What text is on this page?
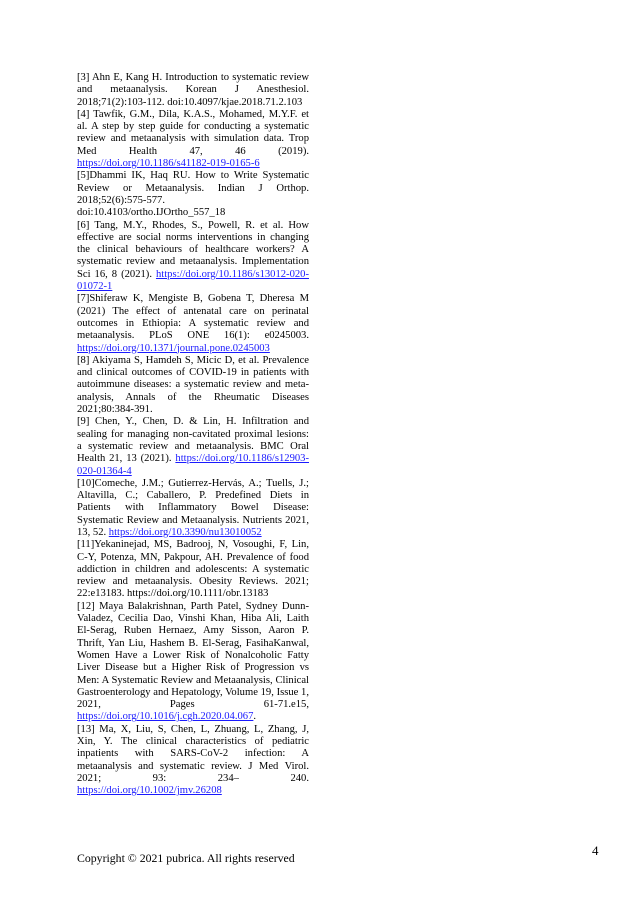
[3] Ahn E, Kang H. Introduction to systematic review and metaanalysis. Korean J Anesthesiol. 2018;71(2):103-112. doi:10.4097/kjae.2018.71.2.103

[4] Tawfik, G.M., Dila, K.A.S., Mohamed, M.Y.F. et al. A step by step guide for conducting a systematic review and metaanalysis with simulation data. Trop Med Health 47, 46 (2019). https://doi.org/10.1186/s41182-019-0165-6

[5]Dhammi IK, Haq RU. How to Write Systematic Review or Metaanalysis. Indian J Orthop. 2018;52(6):575-577. doi:10.4103/ortho.IJOrtho_557_18

[6] Tang, M.Y., Rhodes, S., Powell, R. et al. How effective are social norms interventions in changing the clinical behaviours of healthcare workers? A systematic review and metaanalysis. Implementation Sci 16, 8 (2021). https://doi.org/10.1186/s13012-020-01072-1

[7]Shiferaw K, Mengiste B, Gobena T, Dheresa M (2021) The effect of antenatal care on perinatal outcomes in Ethiopia: A systematic review and metaanalysis. PLoS ONE 16(1): e0245003. https://doi.org/10.1371/journal.pone.0245003

[8] Akiyama S, Hamdeh S, Micic D, et al. Prevalence and clinical outcomes of COVID-19 in patients with autoimmune diseases: a systematic review and meta-analysis, Annals of the Rheumatic Diseases 2021;80:384-391.

[9] Chen, Y., Chen, D. & Lin, H. Infiltration and sealing for managing non-cavitated proximal lesions: a systematic review and metaanalysis. BMC Oral Health 21, 13 (2021). https://doi.org/10.1186/s12903-020-01364-4

[10]Comeche, J.M.; Gutierrez-Hervás, A.; Tuells, J.; Altavilla, C.; Caballero, P. Predefined Diets in Patients with Inflammatory Bowel Disease: Systematic Review and Metaanalysis. Nutrients 2021, 13, 52. https://doi.org/10.3390/nu13010052

[11]Yekaninejad, MS, Badrooj, N, Vosoughi, F, Lin, C-Y, Potenza, MN, Pakpour, AH. Prevalence of food addiction in children and adolescents: A systematic review and metaanalysis. Obesity Reviews. 2021; 22:e13183. https://doi.org/10.1111/obr.13183

[12] Maya Balakrishnan, Parth Patel, Sydney Dunn-Valadez, Cecilia Dao, Vinshi Khan, Hiba Ali, Laith El-Serag, Ruben Hernaez, Amy Sisson, Aaron P. Thrift, Yan Liu, Hashem B. El-Serag, FasihaKanwal, Women Have a Lower Risk of Nonalcoholic Fatty Liver Disease but a Higher Risk of Progression vs Men: A Systematic Review and Metaanalysis, Clinical Gastroenterology and Hepatology, Volume 19, Issue 1, 2021, Pages 61-71.e15, https://doi.org/10.1016/j.cgh.2020.04.067.

[13] Ma, X, Liu, S, Chen, L, Zhuang, L, Zhang, J, Xin, Y. The clinical characteristics of pediatric inpatients with SARS-CoV-2 infection: A metaanalysis and systematic review. J Med Virol. 2021; 93: 234– 240. https://doi.org/10.1002/jmv.26208

Copyright © 2021 pubrica. All rights reserved	4
